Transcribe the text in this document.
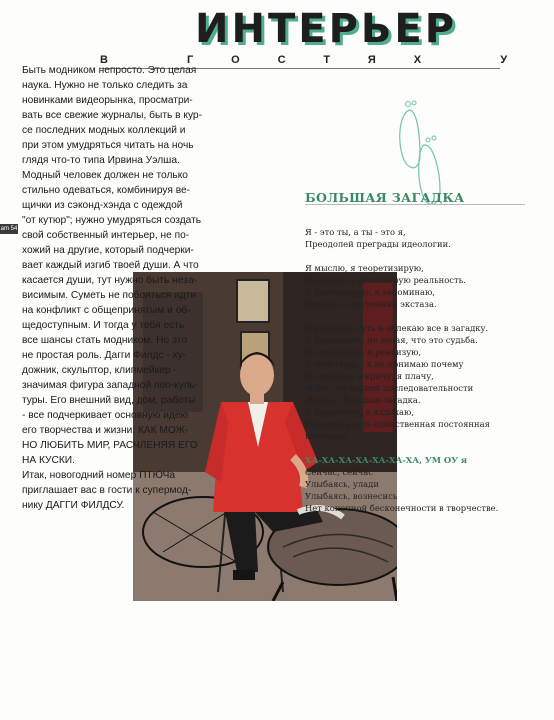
ИНТЕРЬЕР
В ГОСТЯХ У
am 54

Быть модником непросто. Это целая
наука. Нужно не только следить за
новинками видеорынка, просматри-
вать все свежие журналы, быть в кур-
се последних модных коллекций и
при этом умудряться читать на ночь
глядя что-то типа Ирвина Уэлша.
Модный человек должен не только
стильно одеваться, комбинируя ве-
щички из сэконд-хэнда с одеждой
"от кутюр"; нужно умудряться создать
свой собственный интерьер, не по-
хожий на другие, который подчерки-
вает каждый изгиб твоей души. А что
касается души, тут нужно быть неза-
висимым. Суметь не побояться идти
на конфликт с общепринятым и об-
щедоступным. И тогда у тебя есть
все шансы стать модником. Но это
не простая роль. Дагги Филдс - ху-
дожник, скульптор, клипмейкер -
значимая фигура западной поп-куль-
туры. Его внешний вид, дом, работы
- все подчеркивает основную идею
его творчества и жизни: КАК МОЖ-
НО ЛЮБИТЬ МИР, РАСЧЛЕНЯЯ ЕГО
НА КУСКИ.

Итак, новогодний номер ПТЮЧа
приглашает вас в гости к супермод-
нику ДАГГИ ФИЛДСУ.

БОЛЬШАЯ ЗАГАДКА

Я - это ты, а ты - это я,
Преодолей преграды идеологии.

Я мыслю, я теоретизирую,
Я думаю, я анализирую реальность.
Я фантазирую, я запоминаю,
Мечтаю о состоянии экстаза.

Я выделяю суть и облекаю все в загадку.
Я удивляюсь, не ведая, что это судьба.
Я организую, я реализую,
Я чувствую... я не понимаю почему
Я осознаю, я кричу, я плачу,
И нет случайной последовательности
Жизнь - большая загадка.
Я кровоточу, я вздыхаю,
Перемена есть единственная постоянная
величина.

ХА-ХА-ХА-ХА-ХА-ХА-ХА, УМ ОУ я
Сейчас, сейчас
Улыбаясь, улади
Улыбаясь, вознесись
Нет конечной бесконечности в творчестве.
